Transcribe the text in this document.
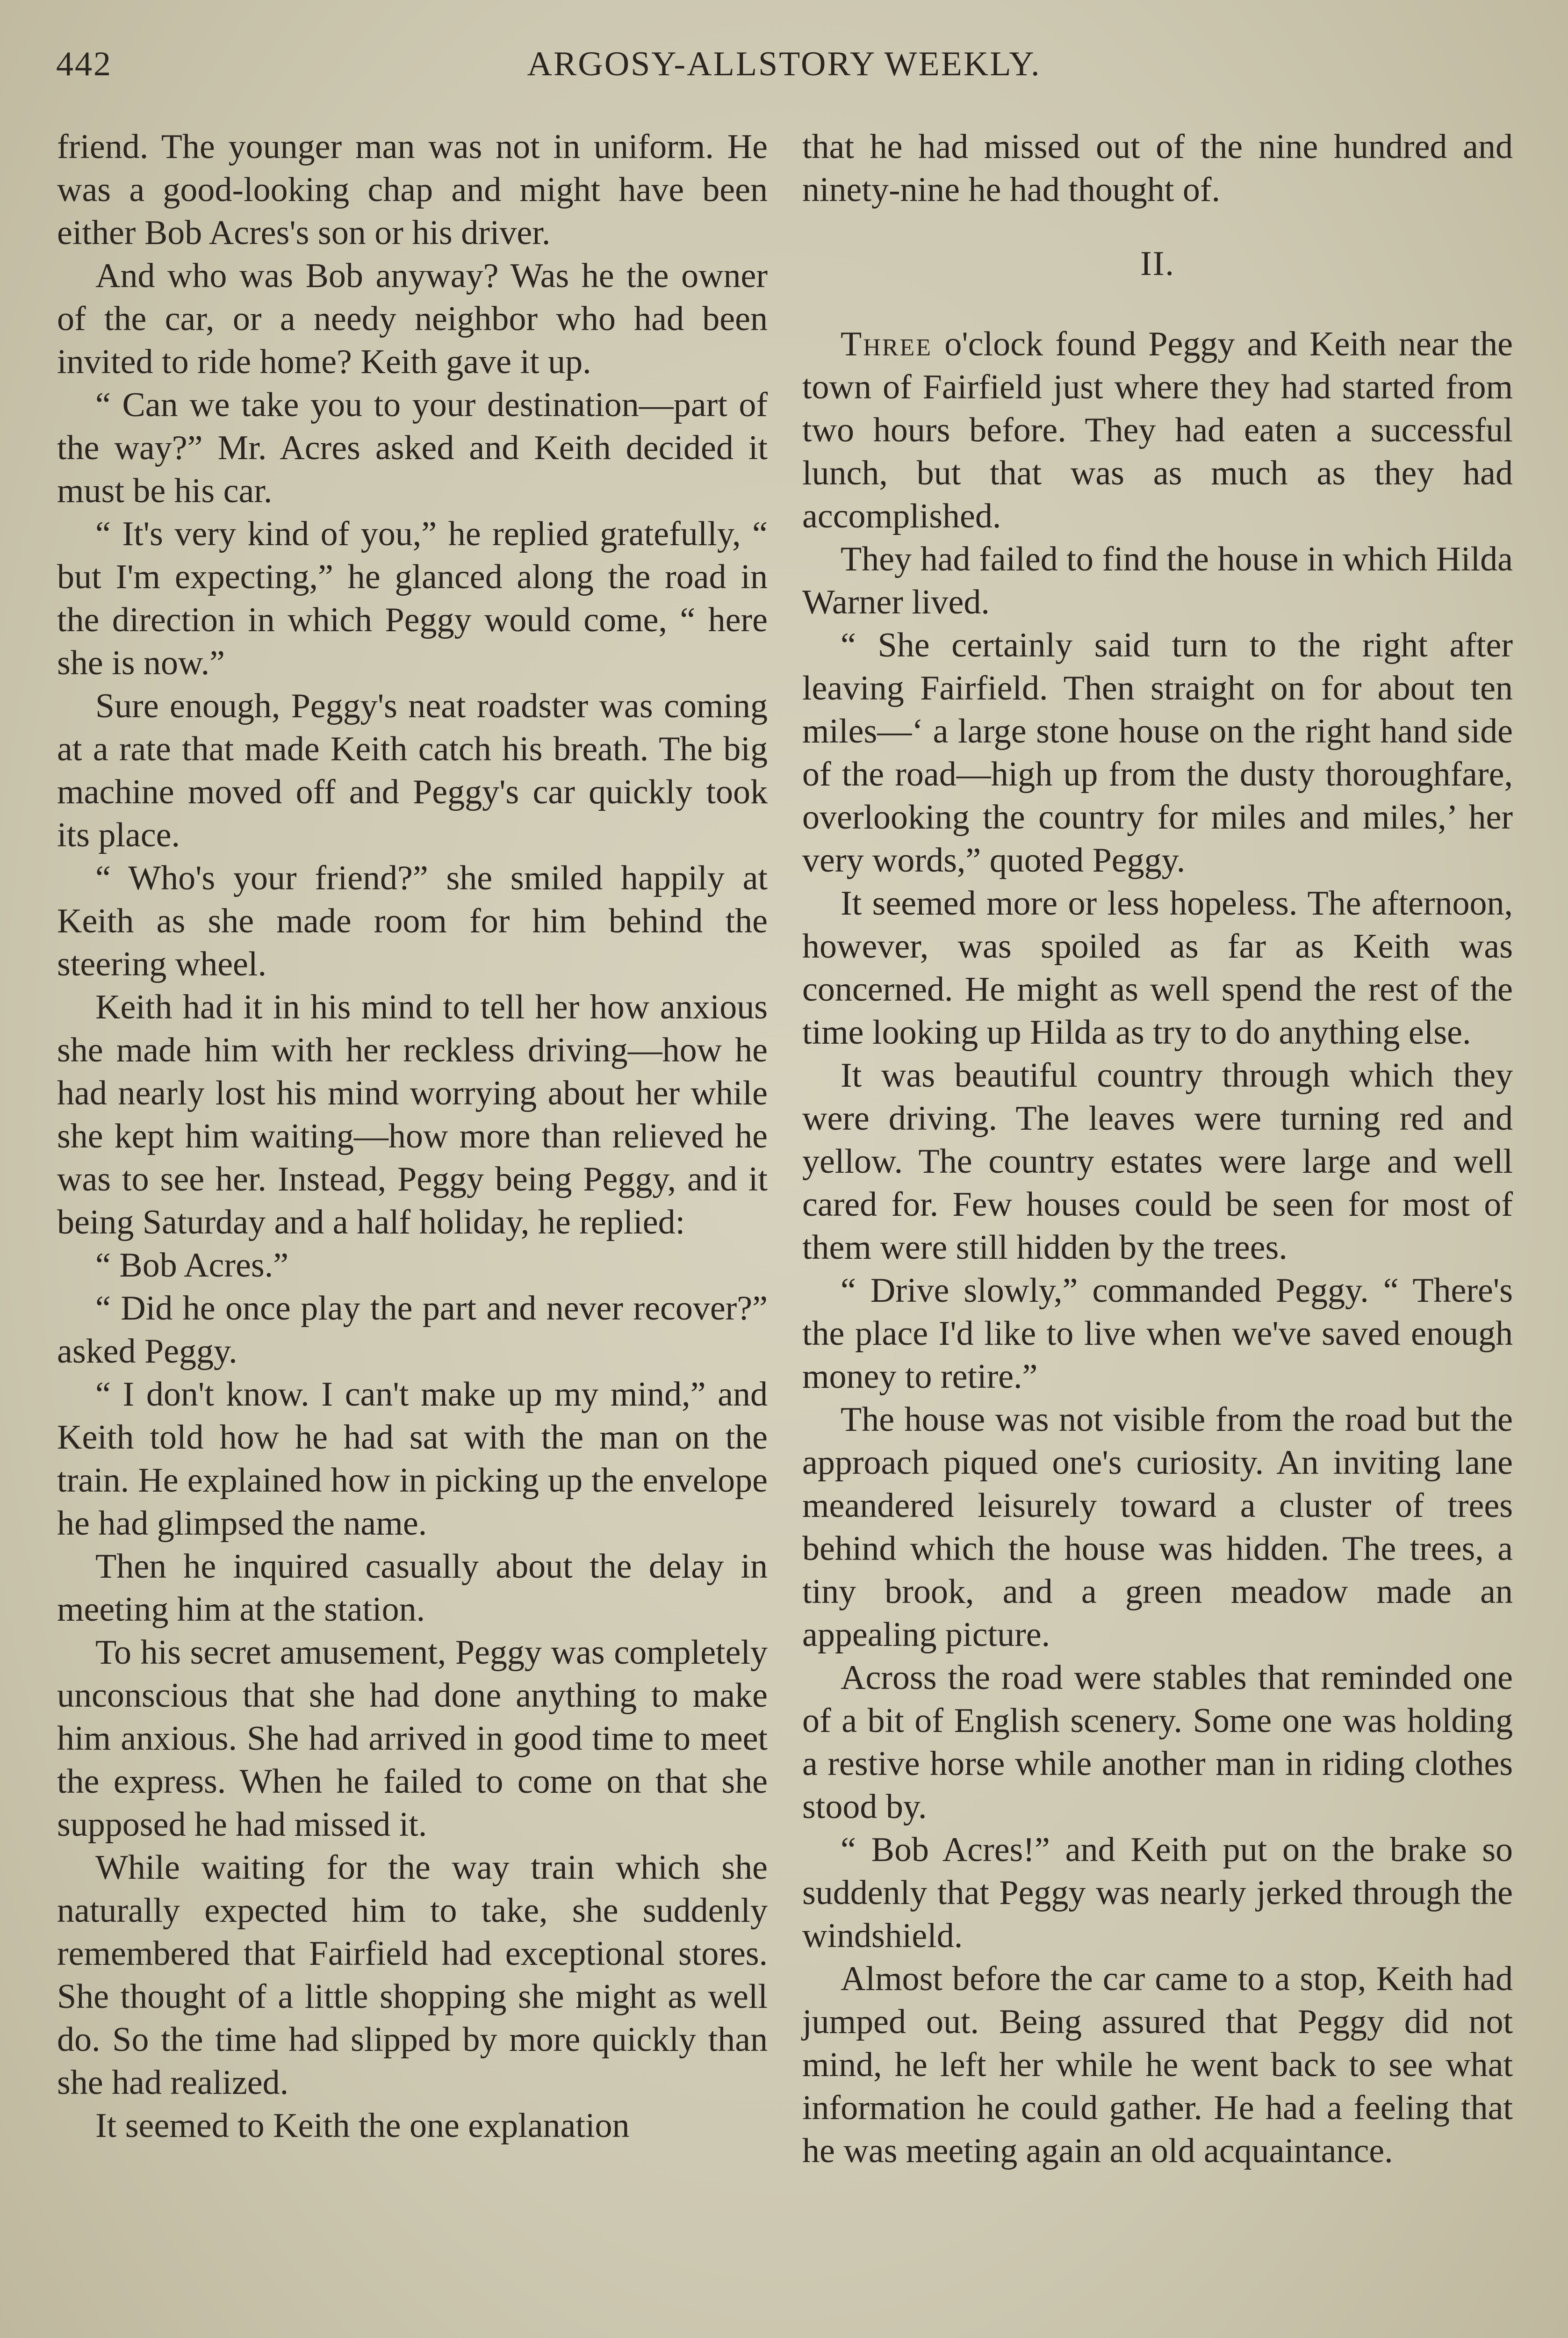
442	ARGOSY-ALLSTORY WEEKLY.

friend. The younger man was not in uniform. He was a good-looking chap and might have been either Bob Acres's son or his driver.

And who was Bob anyway? Was he the owner of the car, or a needy neighbor who had been invited to ride home? Keith gave it up.

“ Can we take you to your destination—part of the way?” Mr. Acres asked and Keith decided it must be his car.

“ It's very kind of you,” he replied gratefully, “ but I'm expecting,” he glanced along the road in the direction in which Peggy would come, “ here she is now.”

Sure enough, Peggy's neat roadster was coming at a rate that made Keith catch his breath. The big machine moved off and Peggy's car quickly took its place.

“ Who's your friend?” she smiled happily at Keith as she made room for him behind the steering wheel.

Keith had it in his mind to tell her how anxious she made him with her reckless driving—how he had nearly lost his mind worrying about her while she kept him waiting—how more than relieved he was to see her. Instead, Peggy being Peggy, and it being Saturday and a half holiday, he replied:

“ Bob Acres.”

“ Did he once play the part and never recover?” asked Peggy.

“ I don't know. I can't make up my mind,” and Keith told how he had sat with the man on the train. He explained how in picking up the envelope he had glimpsed the name.

Then he inquired casually about the delay in meeting him at the station.

To his secret amusement, Peggy was completely unconscious that she had done anything to make him anxious. She had arrived in good time to meet the express. When he failed to come on that she supposed he had missed it.

While waiting for the way train which she naturally expected him to take, she suddenly remembered that Fairfield had exceptional stores. She thought of a little shopping she might as well do. So the time had slipped by more quickly than she had realized.

It seemed to Keith the one explanation

that he had missed out of the nine hundred and ninety-nine he had thought of.

II.

Three o'clock found Peggy and Keith near the town of Fairfield just where they had started from two hours before. They had eaten a successful lunch, but that was as much as they had accomplished.

They had failed to find the house in which Hilda Warner lived.

“ She certainly said turn to the right after leaving Fairfield. Then straight on for about ten miles—‘ a large stone house on the right hand side of the road—high up from the dusty thoroughfare, overlooking the country for miles and miles,’ her very words,” quoted Peggy.

It seemed more or less hopeless. The afternoon, however, was spoiled as far as Keith was concerned. He might as well spend the rest of the time looking up Hilda as try to do anything else.

It was beautiful country through which they were driving. The leaves were turning red and yellow. The country estates were large and well cared for. Few houses could be seen for most of them were still hidden by the trees.

“ Drive slowly,” commanded Peggy. “ There's the place I'd like to live when we've saved enough money to retire.”

The house was not visible from the road but the approach piqued one's curiosity. An inviting lane meandered leisurely toward a cluster of trees behind which the house was hidden. The trees, a tiny brook, and a green meadow made an appealing picture.

Across the road were stables that reminded one of a bit of English scenery. Some one was holding a restive horse while another man in riding clothes stood by.

“ Bob Acres!” and Keith put on the brake so suddenly that Peggy was nearly jerked through the windshield.

Almost before the car came to a stop, Keith had jumped out. Being assured that Peggy did not mind, he left her while he went back to see what information he could gather. He had a feeling that he was meeting again an old acquaintance.
